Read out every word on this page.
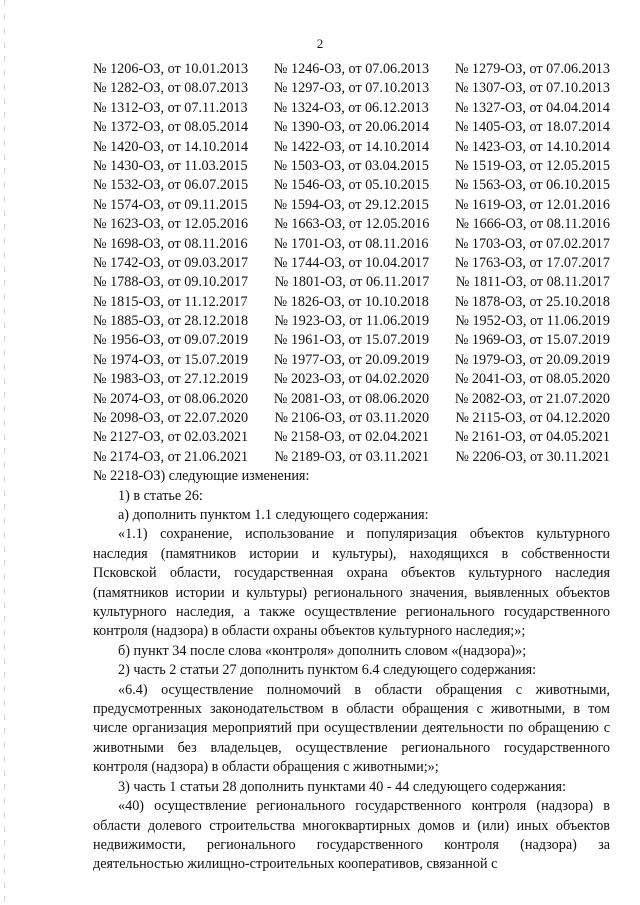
2
№ 1206-ОЗ, от 10.01.2013 № 1246-ОЗ, от 07.06.2013 № 1279-ОЗ, от 07.06.2013
№ 1282-ОЗ, от 08.07.2013 № 1297-ОЗ, от 07.10.2013 № 1307-ОЗ, от 07.10.2013
№ 1312-ОЗ, от 07.11.2013 № 1324-ОЗ, от 06.12.2013 № 1327-ОЗ, от 04.04.2014
№ 1372-ОЗ, от 08.05.2014 № 1390-ОЗ, от 20.06.2014 № 1405-ОЗ, от 18.07.2014
№ 1420-ОЗ, от 14.10.2014 № 1422-ОЗ, от 14.10.2014 № 1423-ОЗ, от 14.10.2014
№ 1430-ОЗ, от 11.03.2015 № 1503-ОЗ, от 03.04.2015 № 1519-ОЗ, от 12.05.2015
№ 1532-ОЗ, от 06.07.2015 № 1546-ОЗ, от 05.10.2015 № 1563-ОЗ, от 06.10.2015
№ 1574-ОЗ, от 09.11.2015 № 1594-ОЗ, от 29.12.2015 № 1619-ОЗ, от 12.01.2016
№ 1623-ОЗ, от 12.05.2016 № 1663-ОЗ, от 12.05.2016 № 1666-ОЗ, от 08.11.2016
№ 1698-ОЗ, от 08.11.2016 № 1701-ОЗ, от 08.11.2016 № 1703-ОЗ, от 07.02.2017
№ 1742-ОЗ, от 09.03.2017 № 1744-ОЗ, от 10.04.2017 № 1763-ОЗ, от 17.07.2017
№ 1788-ОЗ, от 09.10.2017 № 1801-ОЗ, от 06.11.2017 № 1811-ОЗ, от 08.11.2017
№ 1815-ОЗ, от 11.12.2017 № 1826-ОЗ, от 10.10.2018 № 1878-ОЗ, от 25.10.2018
№ 1885-ОЗ, от 28.12.2018 № 1923-ОЗ, от 11.06.2019 № 1952-ОЗ, от 11.06.2019
№ 1956-ОЗ, от 09.07.2019 № 1961-ОЗ, от 15.07.2019 № 1969-ОЗ, от 15.07.2019
№ 1974-ОЗ, от 15.07.2019 № 1977-ОЗ, от 20.09.2019 № 1979-ОЗ, от 20.09.2019
№ 1983-ОЗ, от 27.12.2019 № 2023-ОЗ, от 04.02.2020 № 2041-ОЗ, от 08.05.2020
№ 2074-ОЗ, от 08.06.2020 № 2081-ОЗ, от 08.06.2020 № 2082-ОЗ, от 21.07.2020
№ 2098-ОЗ, от 22.07.2020 № 2106-ОЗ, от 03.11.2020 № 2115-ОЗ, от 04.12.2020
№ 2127-ОЗ, от 02.03.2021 № 2158-ОЗ, от 02.04.2021 № 2161-ОЗ, от 04.05.2021
№ 2174-ОЗ, от 21.06.2021 № 2189-ОЗ, от 03.11.2021 № 2206-ОЗ, от 30.11.2021
№ 2218-ОЗ) следующие изменения:

1) в статье 26:

а) дополнить пунктом 1.1 следующего содержания:

«1.1) сохранение, использование и популяризация объектов культурного наследия (памятников истории и культуры), находящихся в собственности Псковской области, государственная охрана объектов культурного наследия (памятников истории и культуры) регионального значения, выявленных объектов культурного наследия, а также осуществление регионального государственного контроля (надзора) в области охраны объектов культурного наследия;»;

б) пункт 34 после слова «контроля» дополнить словом «(надзора)»;

2) часть 2 статьи 27 дополнить пунктом 6.4 следующего содержания:

«6.4) осуществление полномочий в области обращения с животными, предусмотренных законодательством в области обращения с животными, в том числе организация мероприятий при осуществлении деятельности по обращению с животными без владельцев, осуществление регионального государственного контроля (надзора) в области обращения с животными;»;

3) часть 1 статьи 28 дополнить пунктами 40 - 44 следующего содержания:

«40) осуществление регионального государственного контроля (надзора) в области долевого строительства многоквартирных домов и (или) иных объектов недвижимости, регионального государственного контроля (надзора) за деятельностью жилищно-строительных кооперативов, связанной с
